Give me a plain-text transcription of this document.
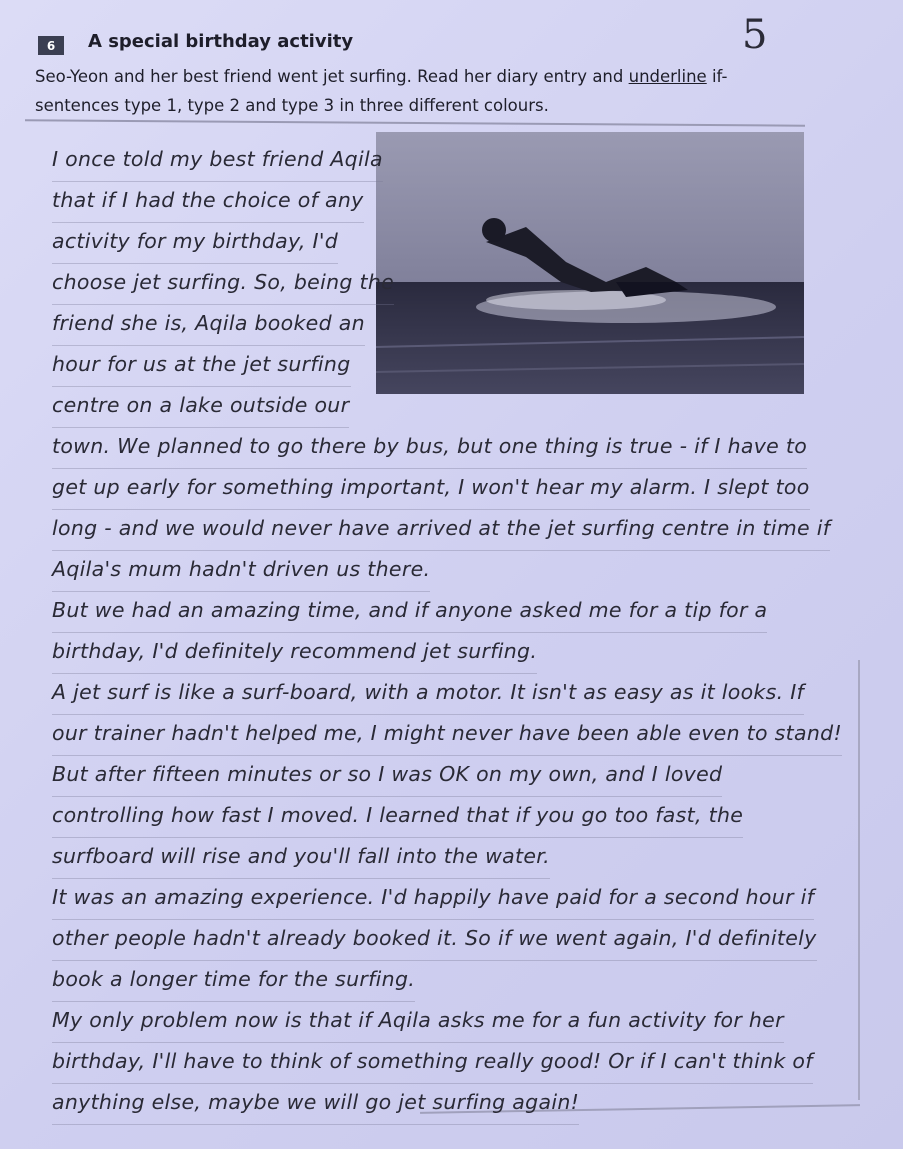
6	A special birthday activity	5
Seo-Yeon and her best friend went jet surfing. Read her diary entry and underline if-sentences type 1, type 2 and type 3 in three different colours.
I once told my best friend Aqila
that if I had the choice of any
activity for my birthday, I'd
choose jet surfing. So, being the
friend she is, Aqila booked an
hour for us at the jet surfing
centre on a lake outside our
town. We planned to go there by bus, but one thing is true - if I have to
get up early for something important, I won't hear my alarm. I slept too
long - and we would never have arrived at the jet surfing centre in time if
Aqila's mum hadn't driven us there.
But we had an amazing time, and if anyone asked me for a tip for a
birthday, I'd definitely recommend jet surfing.
A jet surf is like a surf-board, with a motor. It isn't as easy as it looks. If
our trainer hadn't helped me, I might never have been able even to stand!
But after fifteen minutes or so I was OK on my own, and I loved
controlling how fast I moved. I learned that if you go too fast, the
surfboard will rise and you'll fall into the water.
It was an amazing experience. I'd happily have paid for a second hour if
other people hadn't already booked it. So if we went again, I'd definitely
book a longer time for the surfing.
My only problem now is that if Aqila asks me for a fun activity for her
birthday, I'll have to think of something really good! Or if I can't think of
anything else, maybe we will go jet surfing again!
